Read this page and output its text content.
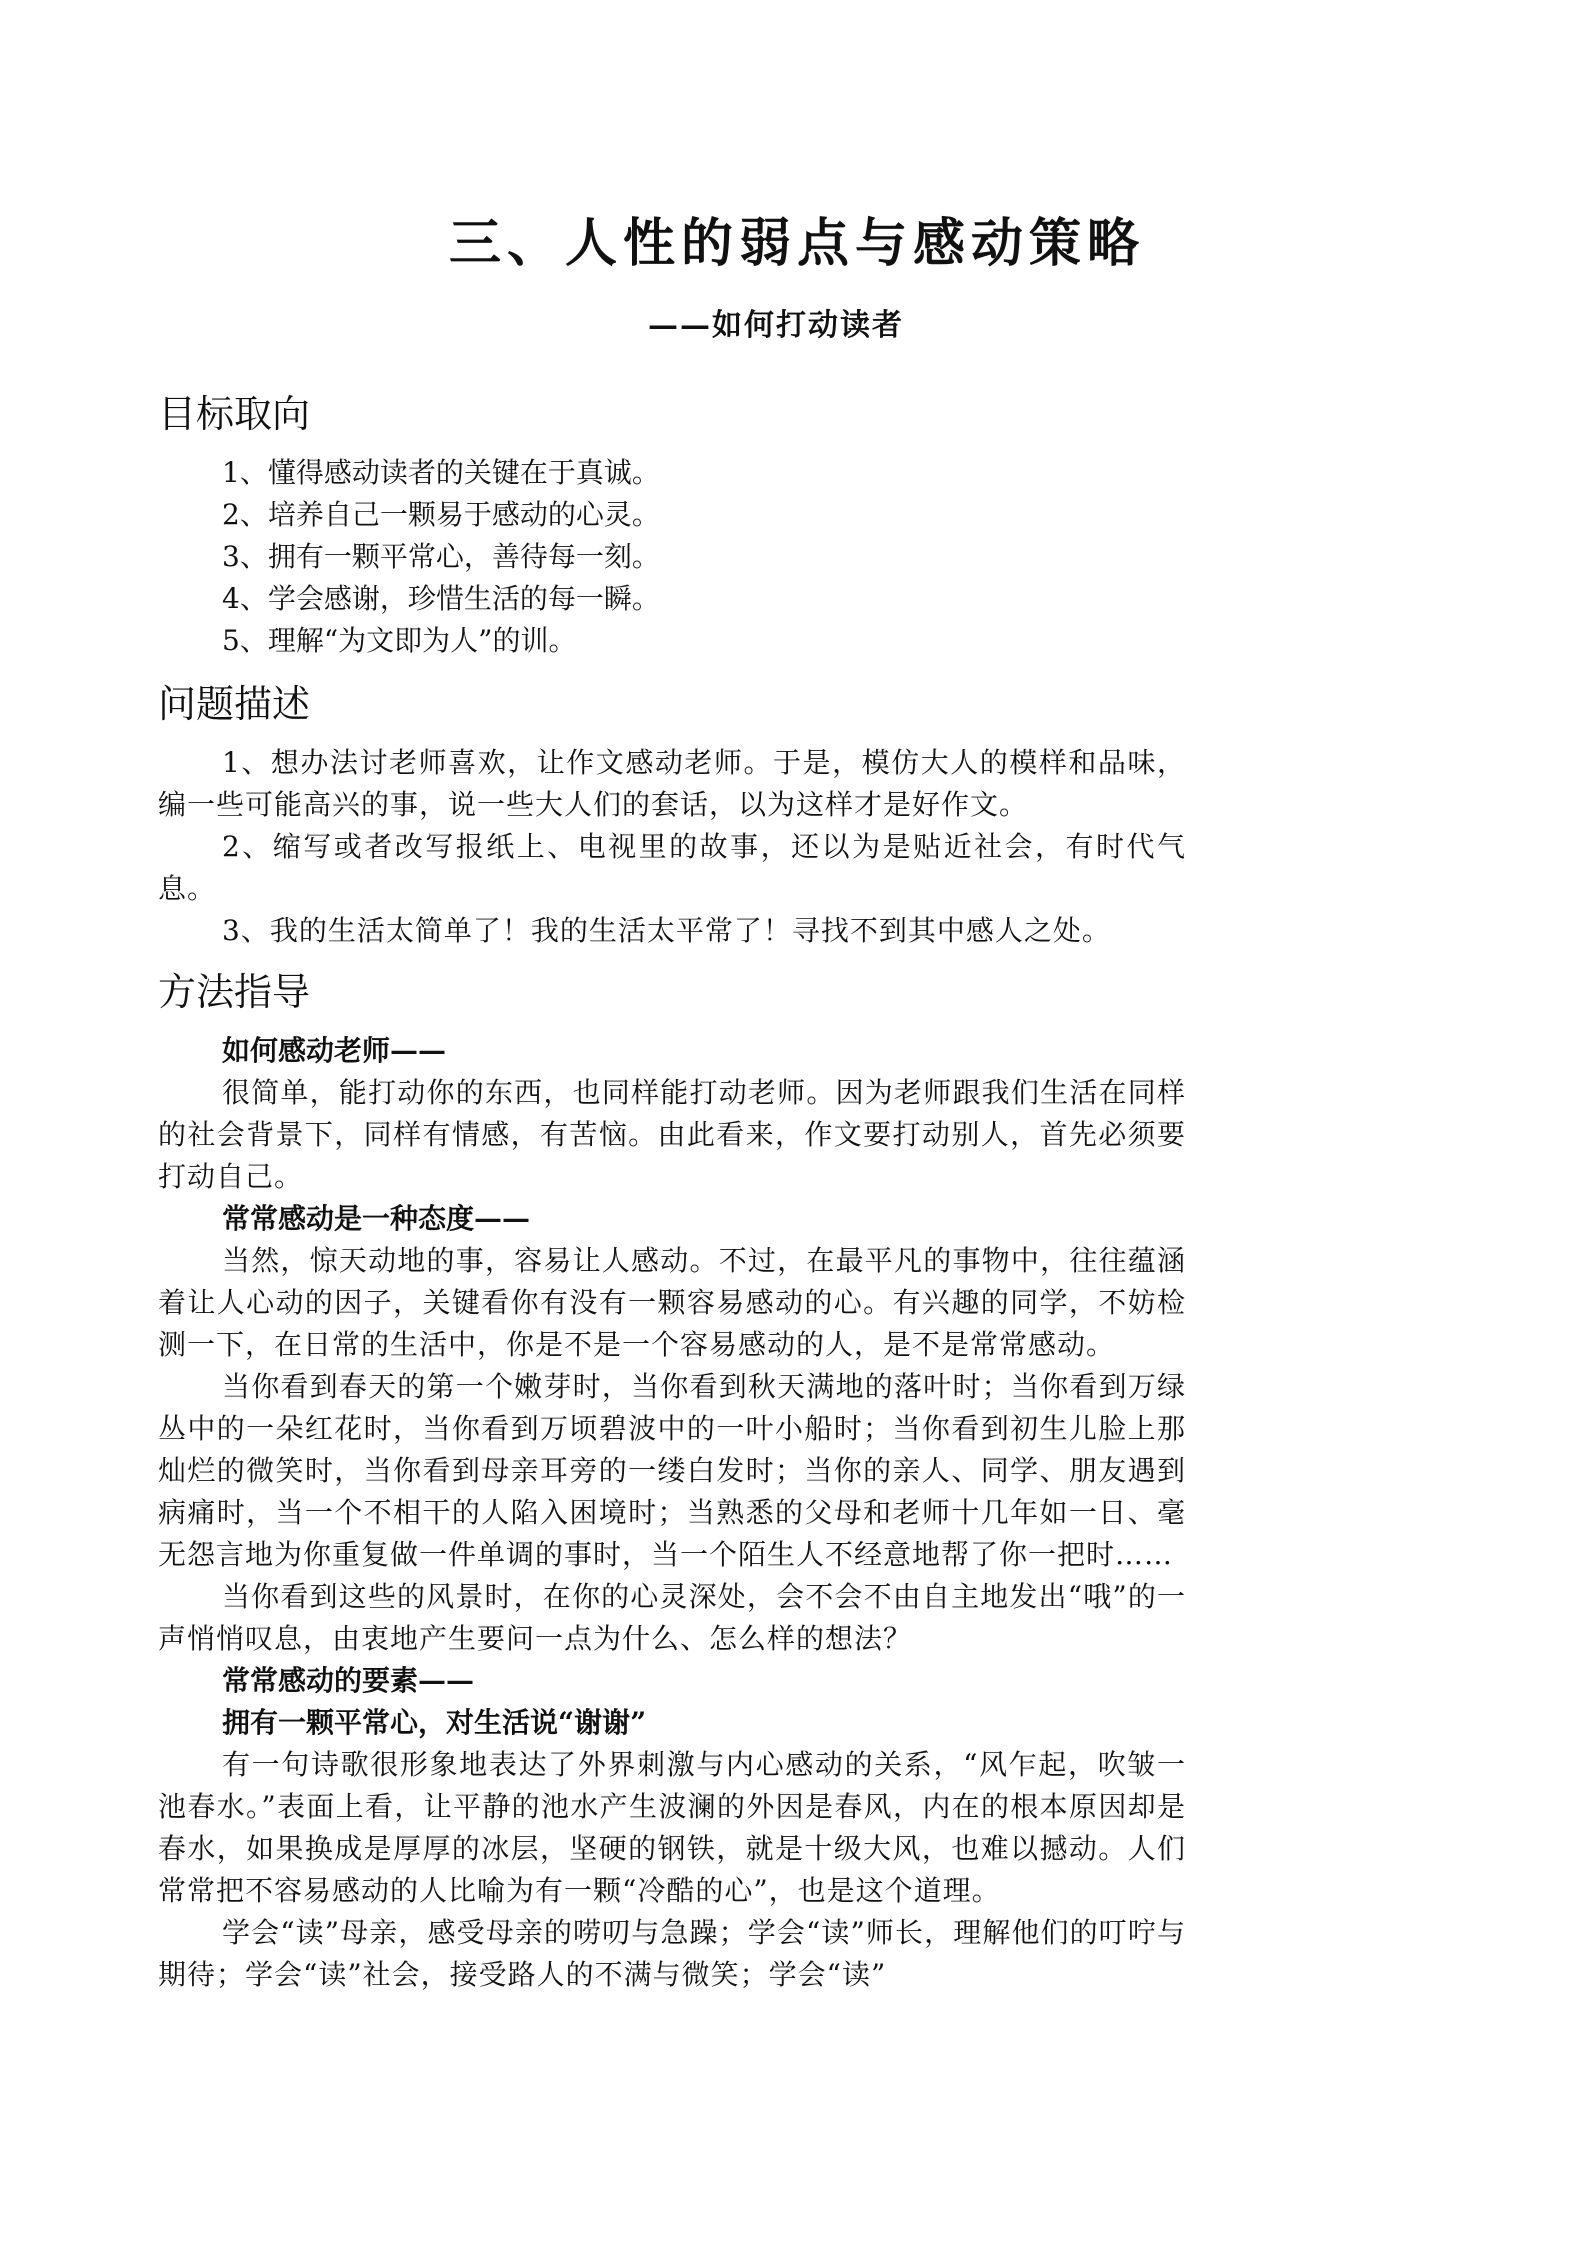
三、人性的弱点与感动策略
——如何打动读者
目标取向
1、懂得感动读者的关键在于真诚。
2、培养自己一颗易于感动的心灵。
3、拥有一颗平常心，善待每一刻。
4、学会感谢，珍惜生活的每一瞬。
5、理解“为文即为人”的训。
问题描述

1、想办法讨老师喜欢，让作文感动老师。于是，模仿大人的模样和品味，编一些可能高兴的事，说一些大人们的套话，以为这样才是好作文。

2、缩写或者改写报纸上、电视里的故事，还以为是贴近社会，有时代气息。

3、我的生活太简单了！我的生活太平常了！寻找不到其中感人之处。

方法指导

如何感动老师——

很简单，能打动你的东西，也同样能打动老师。因为老师跟我们生活在同样的社会背景下，同样有情感，有苦恼。由此看来，作文要打动别人，首先必须要打动自己。

常常感动是一种态度——

当然，惊天动地的事，容易让人感动。不过，在最平凡的事物中，往往蕴涵着让人心动的因子，关键看你有没有一颗容易感动的心。有兴趣的同学，不妨检测一下，在日常的生活中，你是不是一个容易感动的人，是不是常常感动。

当你看到春天的第一个嫩芽时，当你看到秋天满地的落叶时；当你看到万绿丛中的一朵红花时，当你看到万顷碧波中的一叶小船时；当你看到初生儿脸上那灿烂的微笑时，当你看到母亲耳旁的一缕白发时；当你的亲人、同学、朋友遇到病痛时，当一个不相干的人陷入困境时；当熟悉的父母和老师十几年如一日、毫无怨言地为你重复做一件单调的事时，当一个陌生人不经意地帮了你一把时……

当你看到这些的风景时，在你的心灵深处，会不会不由自主地发出“哦”的一声悄悄叹息，由衷地产生要问一点为什么、怎么样的想法？

常常感动的要素——

拥有一颗平常心，对生活说“谢谢”

有一句诗歌很形象地表达了外界刺激与内心感动的关系，“风乍起，吹皱一池春水。”表面上看，让平静的池水产生波澜的外因是春风，内在的根本原因却是春水，如果换成是厚厚的冰层，坚硬的钢铁，就是十级大风，也难以撼动。人们常常把不容易感动的人比喻为有一颗“冷酷的心”，也是这个道理。

学会“读”母亲，感受母亲的唠叨与急躁；学会“读”师长，理解他们的叮咛与期待；学会“读”社会，接受路人的不满与微笑；学会“读”
